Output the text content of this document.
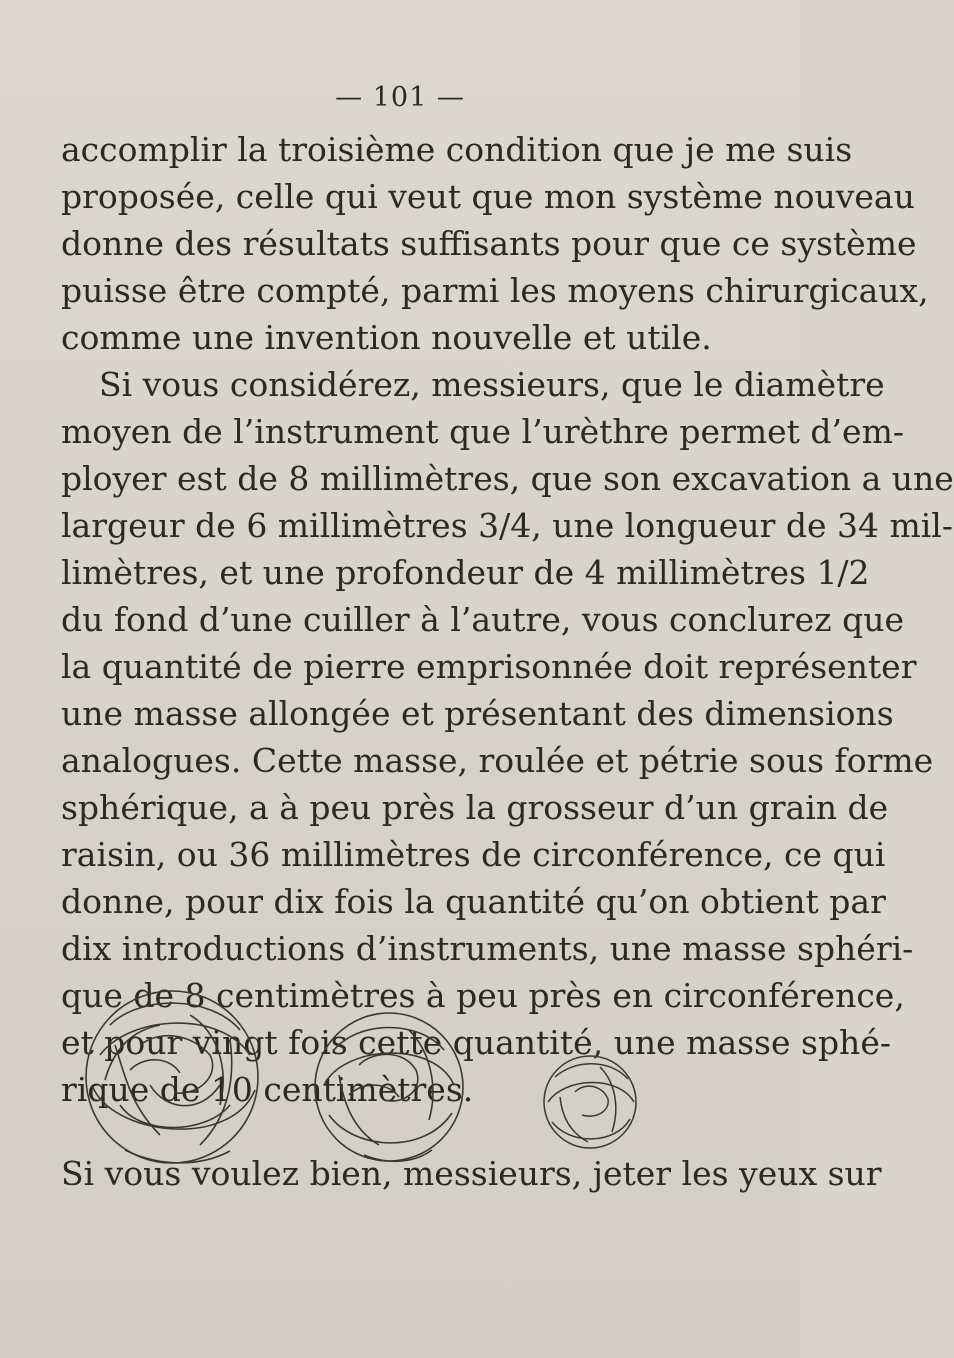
— 101 —
accomplir la troisième condition que je me suis
proposée, celle qui veut que mon système nouveau
donne des résultats suffisants pour que ce système
puisse être compté, parmi les moyens chirurgicaux,
comme une invention nouvelle et utile.
Si vous considérez, messieurs, que le diamètre
moyen de l’instrument que l’urèthre permet d’em-
ployer est de 8 millimètres, que son excavation a une
largeur de 6 millimètres 3/4, une longueur de 34 mil-
limètres, et une profondeur de 4 millimètres 1/2
du fond d’une cuiller à l’autre, vous conclurez que
la quantité de pierre emprisonnée doit représenter
une masse allongée et présentant des dimensions
analogues. Cette masse, roulée et pétrie sous forme
sphérique, a à peu près la grosseur d’un grain de
raisin, ou 36 millimètres de circonférence, ce qui
donne, pour dix fois la quantité qu’on obtient par
dix introductions d’instruments, une masse sphéri-
que de 8 centimètres à peu près en circonférence,
et pour vingt fois cette quantité, une masse sphé-
rique de 10 centimètres.
Si vous voulez bien, messieurs, jeter les yeux sur
